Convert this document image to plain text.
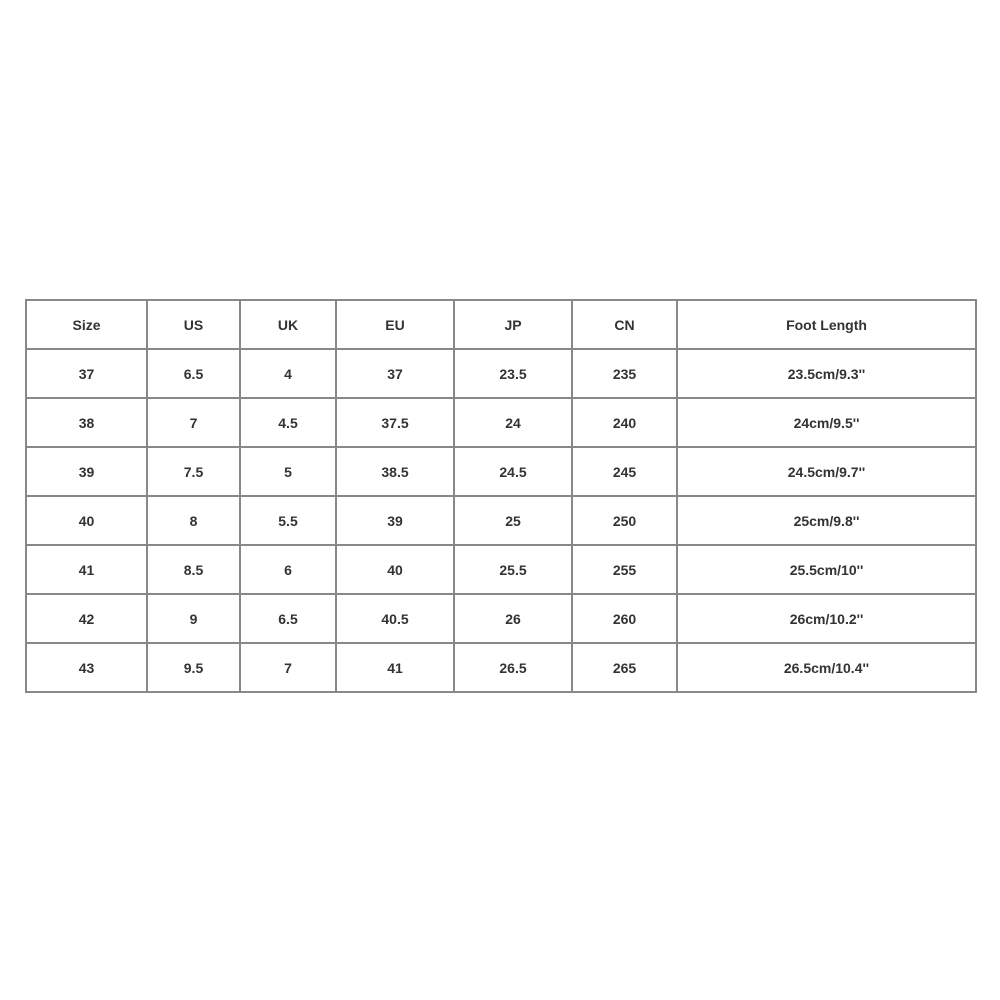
Size	US	UK	EU	JP	CN	Foot Length
37	6.5	4	37	23.5	235	23.5cm/9.3''
38	7	4.5	37.5	24	240	24cm/9.5''
39	7.5	5	38.5	24.5	245	24.5cm/9.7''
40	8	5.5	39	25	250	25cm/9.8''
41	8.5	6	40	25.5	255	25.5cm/10''
42	9	6.5	40.5	26	260	26cm/10.2''
43	9.5	7	41	26.5	265	26.5cm/10.4''
